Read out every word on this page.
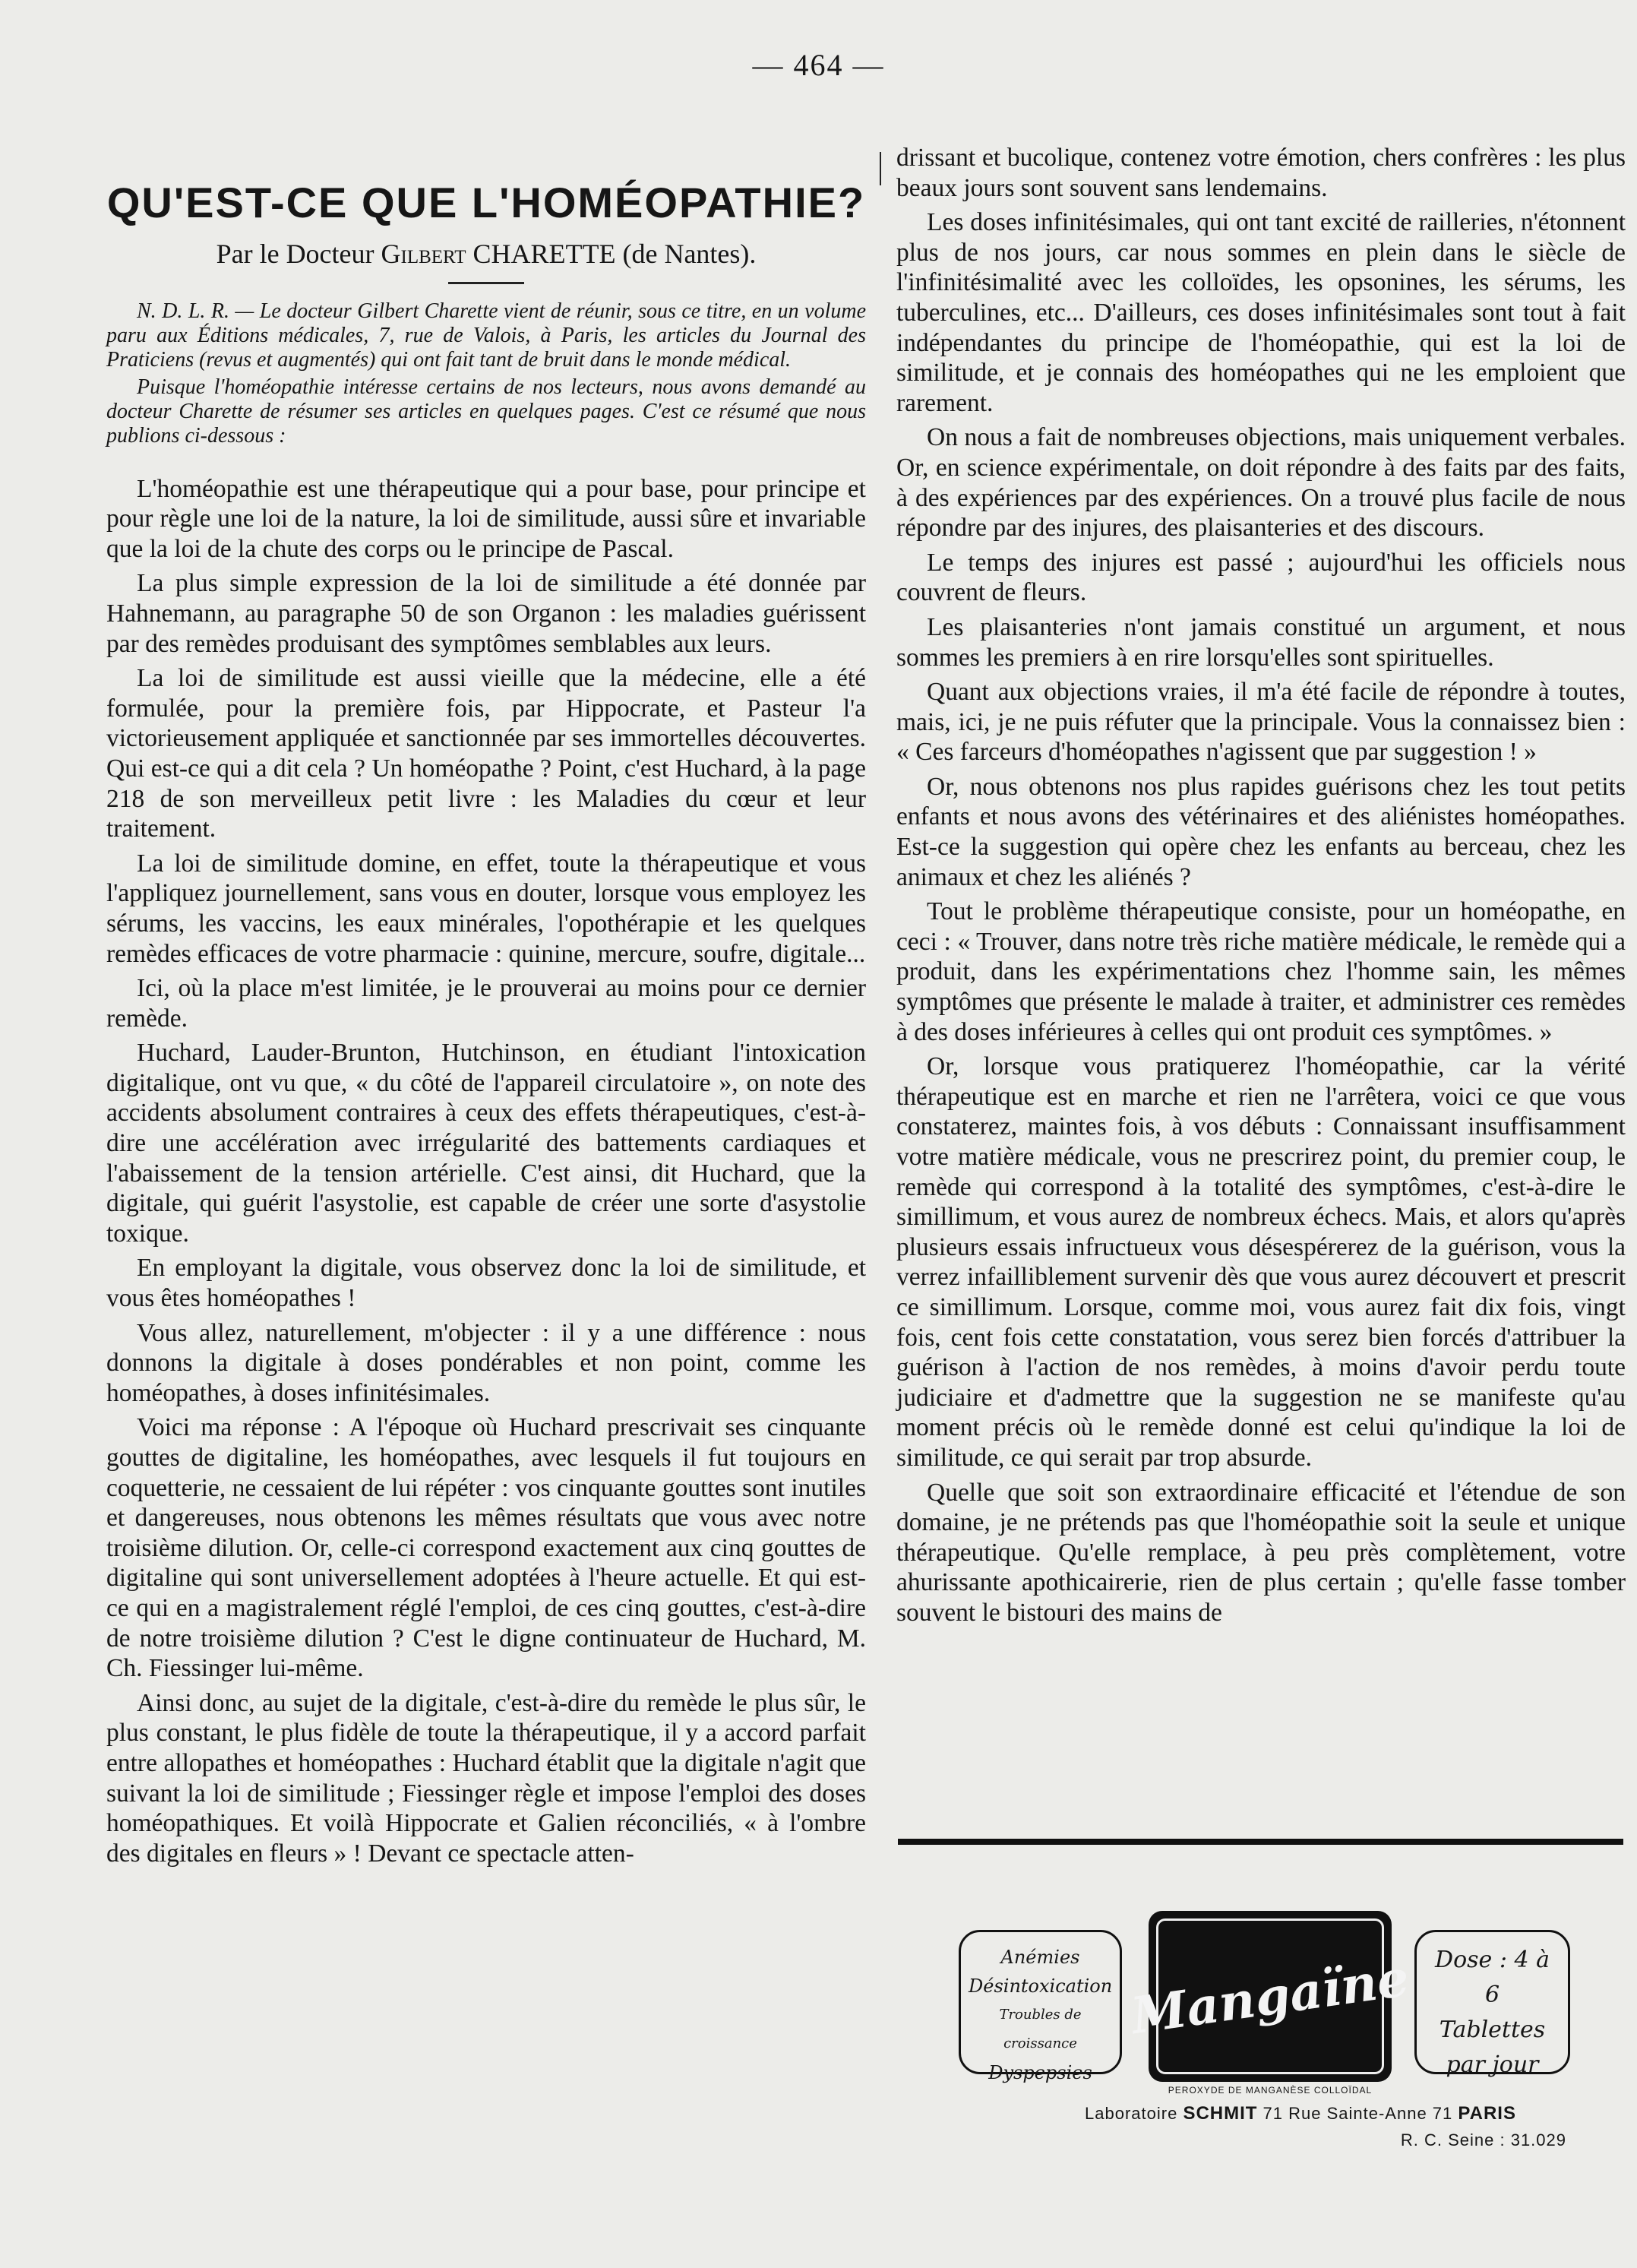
— 464 —
QU'EST-CE QUE L'HOMÉOPATHIE?
Par le Docteur Gilbert CHARETTE (de Nantes).

N. D. L. R. — Le docteur Gilbert Charette vient de réunir, sous ce titre, en un volume paru aux Éditions médicales, 7, rue de Valois, à Paris, les articles du Journal des Praticiens (revus et augmentés) qui ont fait tant de bruit dans le monde médical.

Puisque l'homéopathie intéresse certains de nos lecteurs, nous avons demandé au docteur Charette de résumer ses articles en quelques pages. C'est ce résumé que nous publions ci-dessous :

L'homéopathie est une thérapeutique qui a pour base, pour principe et pour règle une loi de la nature, la loi de similitude, aussi sûre et invariable que la loi de la chute des corps ou le principe de Pascal.

La plus simple expression de la loi de similitude a été donnée par Hahnemann, au paragraphe 50 de son Organon : les maladies guérissent par des remèdes produisant des symptômes semblables aux leurs.

La loi de similitude est aussi vieille que la médecine, elle a été formulée, pour la première fois, par Hippocrate, et Pasteur l'a victorieusement appliquée et sanctionnée par ses immortelles découvertes. Qui est-ce qui a dit cela ? Un homéopathe ? Point, c'est Huchard, à la page 218 de son merveilleux petit livre : les Maladies du cœur et leur traitement.

La loi de similitude domine, en effet, toute la thérapeutique et vous l'appliquez journellement, sans vous en douter, lorsque vous employez les sérums, les vaccins, les eaux minérales, l'opothérapie et les quelques remèdes efficaces de votre pharmacie : quinine, mercure, soufre, digitale...

Ici, où la place m'est limitée, je le prouverai au moins pour ce dernier remède.

Huchard, Lauder-Brunton, Hutchinson, en étudiant l'intoxication digitalique, ont vu que, « du côté de l'appareil circulatoire », on note des accidents absolument contraires à ceux des effets thérapeutiques, c'est-à-dire une accélération avec irrégularité des battements cardiaques et l'abaissement de la tension artérielle. C'est ainsi, dit Huchard, que la digitale, qui guérit l'asystolie, est capable de créer une sorte d'asystolie toxique.

En employant la digitale, vous observez donc la loi de similitude, et vous êtes homéopathes !

Vous allez, naturellement, m'objecter : il y a une différence : nous donnons la digitale à doses pondérables et non point, comme les homéopathes, à doses infinitésimales.

Voici ma réponse : A l'époque où Huchard prescrivait ses cinquante gouttes de digitaline, les homéopathes, avec lesquels il fut toujours en coquetterie, ne cessaient de lui répéter : vos cinquante gouttes sont inutiles et dangereuses, nous obtenons les mêmes résultats que vous avec notre troisième dilution. Or, celle-ci correspond exactement aux cinq gouttes de digitaline qui sont universellement adoptées à l'heure actuelle. Et qui est-ce qui en a magistralement réglé l'emploi, de ces cinq gouttes, c'est-à-dire de notre troisième dilution ? C'est le digne continuateur de Huchard, M. Ch. Fiessinger lui-même.

Ainsi donc, au sujet de la digitale, c'est-à-dire du remède le plus sûr, le plus constant, le plus fidèle de toute la thérapeutique, il y a accord parfait entre allopathes et homéopathes : Huchard établit que la digitale n'agit que suivant la loi de similitude ; Fiessinger règle et impose l'emploi des doses homéopathiques. Et voilà Hippocrate et Galien réconciliés, « à l'ombre des digitales en fleurs » ! Devant ce spectacle atten-

drissant et bucolique, contenez votre émotion, chers confrères : les plus beaux jours sont souvent sans lendemains.

Les doses infinitésimales, qui ont tant excité de railleries, n'étonnent plus de nos jours, car nous sommes en plein dans le siècle de l'infinitésimalité avec les colloïdes, les opsonines, les sérums, les tuberculines, etc... D'ailleurs, ces doses infinitésimales sont tout à fait indépendantes du principe de l'homéopathie, qui est la loi de similitude, et je connais des homéopathes qui ne les emploient que rarement.

On nous a fait de nombreuses objections, mais uniquement verbales. Or, en science expérimentale, on doit répondre à des faits par des faits, à des expériences par des expériences. On a trouvé plus facile de nous répondre par des injures, des plaisanteries et des discours.

Le temps des injures est passé ; aujourd'hui les officiels nous couvrent de fleurs.

Les plaisanteries n'ont jamais constitué un argument, et nous sommes les premiers à en rire lorsqu'elles sont spirituelles.

Quant aux objections vraies, il m'a été facile de répondre à toutes, mais, ici, je ne puis réfuter que la principale. Vous la connaissez bien : « Ces farceurs d'homéopathes n'agissent que par suggestion ! »

Or, nous obtenons nos plus rapides guérisons chez les tout petits enfants et nous avons des vétérinaires et des aliénistes homéopathes. Est-ce la suggestion qui opère chez les enfants au berceau, chez les animaux et chez les aliénés ?

Tout le problème thérapeutique consiste, pour un homéopathe, en ceci : « Trouver, dans notre très riche matière médicale, le remède qui a produit, dans les expérimentations chez l'homme sain, les mêmes symptômes que présente le malade à traiter, et administrer ces remèdes à des doses inférieures à celles qui ont produit ces symptômes. »

Or, lorsque vous pratiquerez l'homéopathie, car la vérité thérapeutique est en marche et rien ne l'arrêtera, voici ce que vous constaterez, maintes fois, à vos débuts : Connaissant insuffisamment votre matière médicale, vous ne prescrirez point, du premier coup, le remède qui correspond à la totalité des symptômes, c'est-à-dire le simillimum, et vous aurez de nombreux échecs. Mais, et alors qu'après plusieurs essais infructueux vous désespérerez de la guérison, vous la verrez infailliblement survenir dès que vous aurez découvert et prescrit ce simillimum. Lorsque, comme moi, vous aurez fait dix fois, vingt fois, cent fois cette constatation, vous serez bien forcés d'attribuer la guérison à l'action de nos remèdes, à moins d'avoir perdu toute judiciaire et d'admettre que la suggestion ne se manifeste qu'au moment précis où le remède donné est celui qu'indique la loi de similitude, ce qui serait par trop absurde.

Quelle que soit son extraordinaire efficacité et l'étendue de son domaine, je ne prétends pas que l'homéopathie soit la seule et unique thérapeutique. Qu'elle remplace, à peu près complètement, votre ahurissante apothicairerie, rien de plus certain ; qu'elle fasse tomber souvent le bistouri des mains de

Anémies
Désintoxication
Troubles de croissance
Dyspepsies
Mangaïne
PEROXYDE DE MANGANÈSE COLLOÏDAL
Dose : 4 à 6
Tablettes
par jour
Laboratoire SCHMIT 71 Rue Sainte-Anne 71 PARIS
R. C. Seine : 31.029
